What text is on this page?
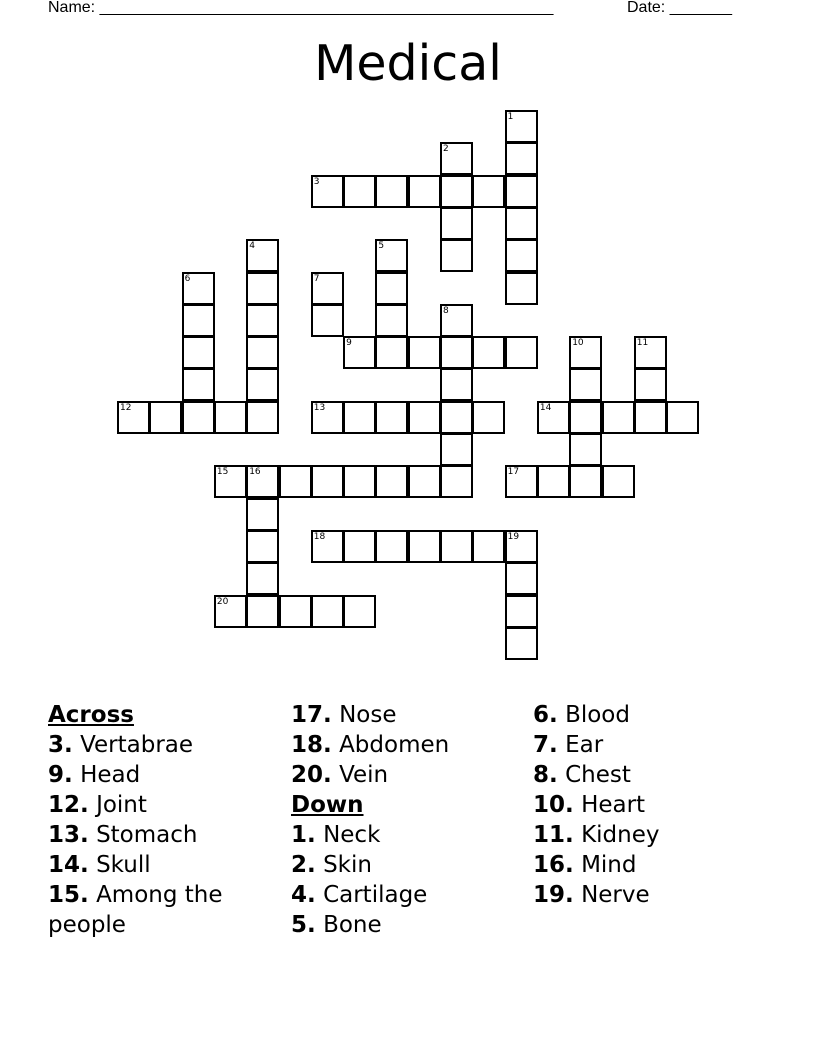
Name: ___________________________________________________	Date: _______
Medical
1
2
3
4	5
6	7
8
9	10	11
12	13	14
15 16	17
18	19
20
Across
3. Vertabrae
9. Head
12. Joint
13. Stomach
14. Skull
15. Among the people
17. Nose
18. Abdomen
20. Vein
Down
1. Neck
2. Skin
4. Cartilage
5. Bone
6. Blood
7. Ear
8. Chest
10. Heart
11. Kidney
16. Mind
19. Nerve
